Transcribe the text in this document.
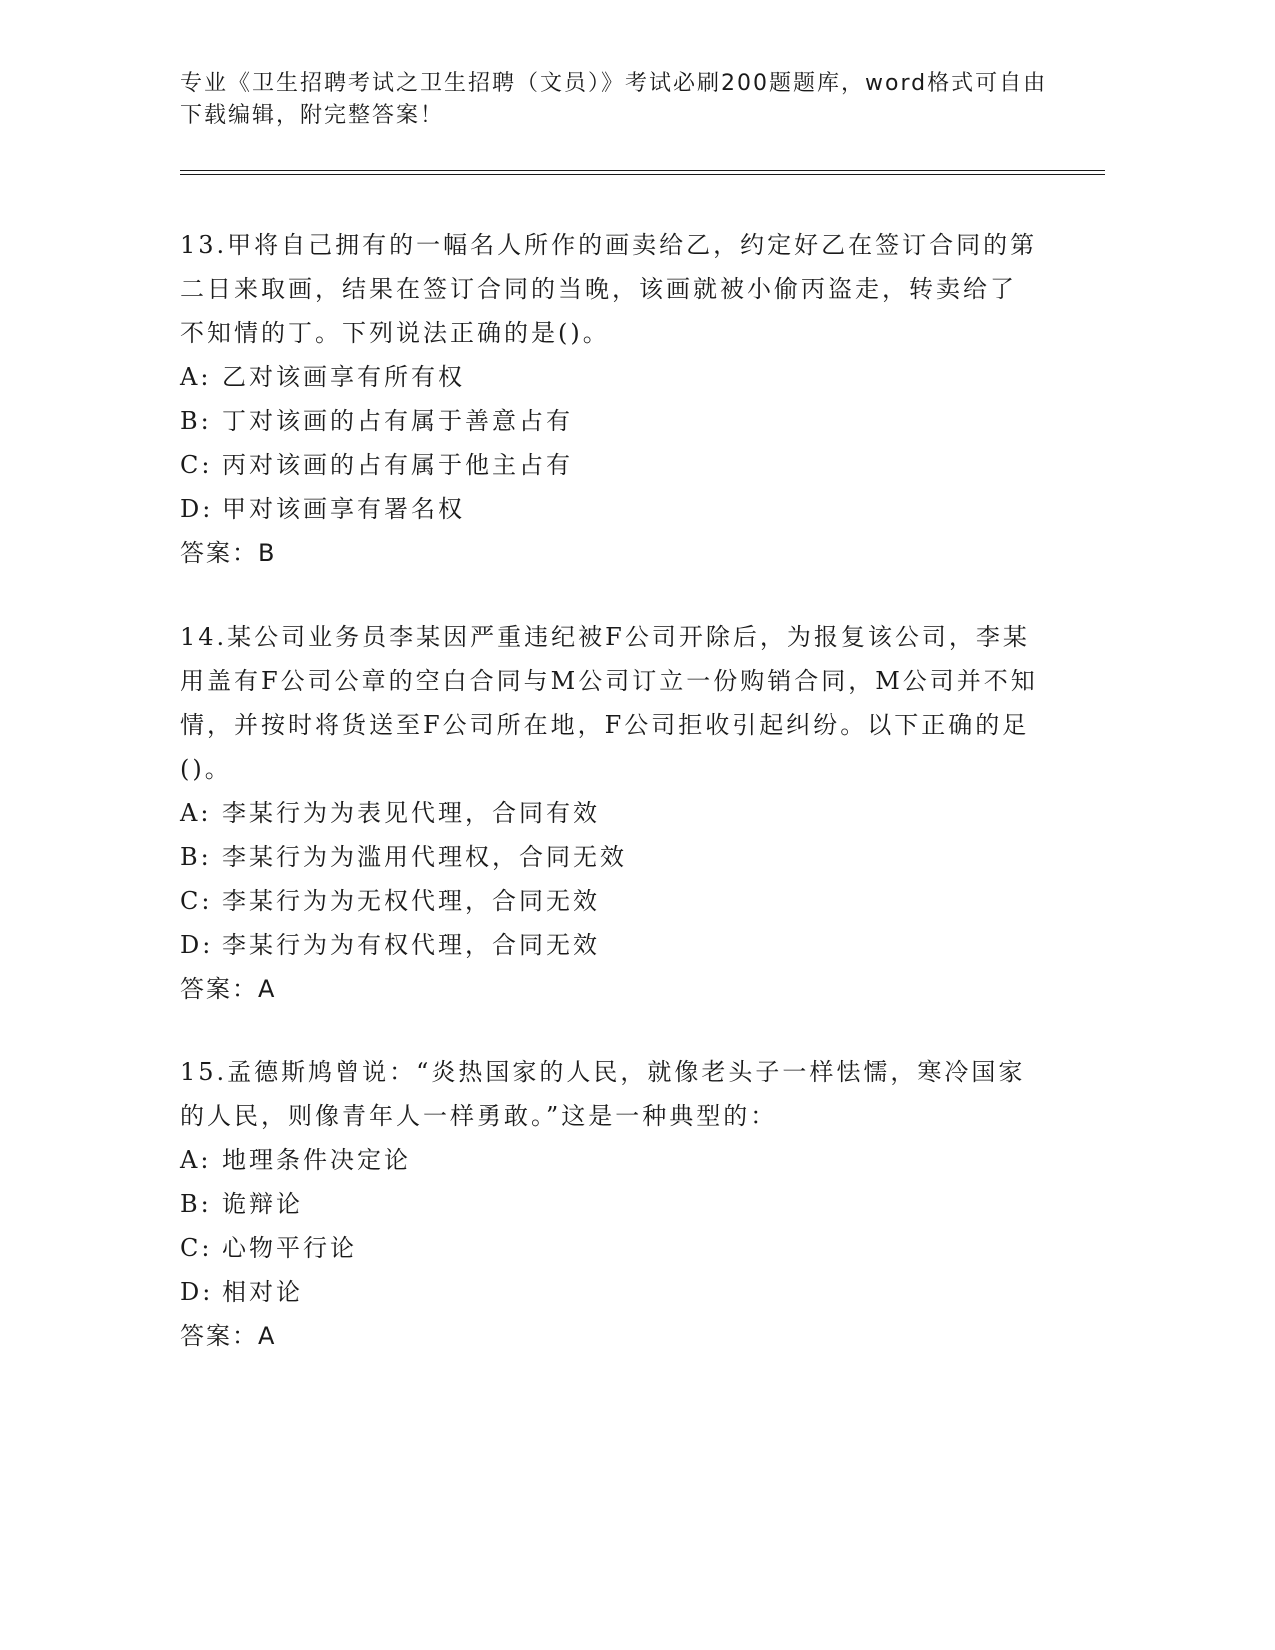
专业《卫生招聘考试之卫生招聘（文员）》考试必刷200题题库，word格式可自由下载编辑，附完整答案！

13.甲将自己拥有的一幅名人所作的画卖给乙，约定好乙在签订合同的第二日来取画，结果在签订合同的当晚，该画就被小偷丙盗走，转卖给了不知情的丁。下列说法正确的是()。

A: 乙对该画享有所有权
B: 丁对该画的占有属于善意占有
C: 丙对该画的占有属于他主占有
D: 甲对该画享有署名权
答案：B

14.某公司业务员李某因严重违纪被F公司开除后，为报复该公司，李某用盖有F公司公章的空白合同与M公司订立一份购销合同，M公司并不知情，并按时将货送至F公司所在地，F公司拒收引起纠纷。以下正确的足()。

A: 李某行为为表见代理，合同有效
B: 李某行为为滥用代理权，合同无效
C: 李某行为为无权代理，合同无效
D: 李某行为为有权代理，合同无效
答案：A

15.孟德斯鸠曾说：“炎热国家的人民，就像老头子一样怯懦，寒冷国家的人民，则像青年人一样勇敢。”这是一种典型的：

A: 地理条件决定论
B: 诡辩论
C: 心物平行论
D: 相对论
答案：A
